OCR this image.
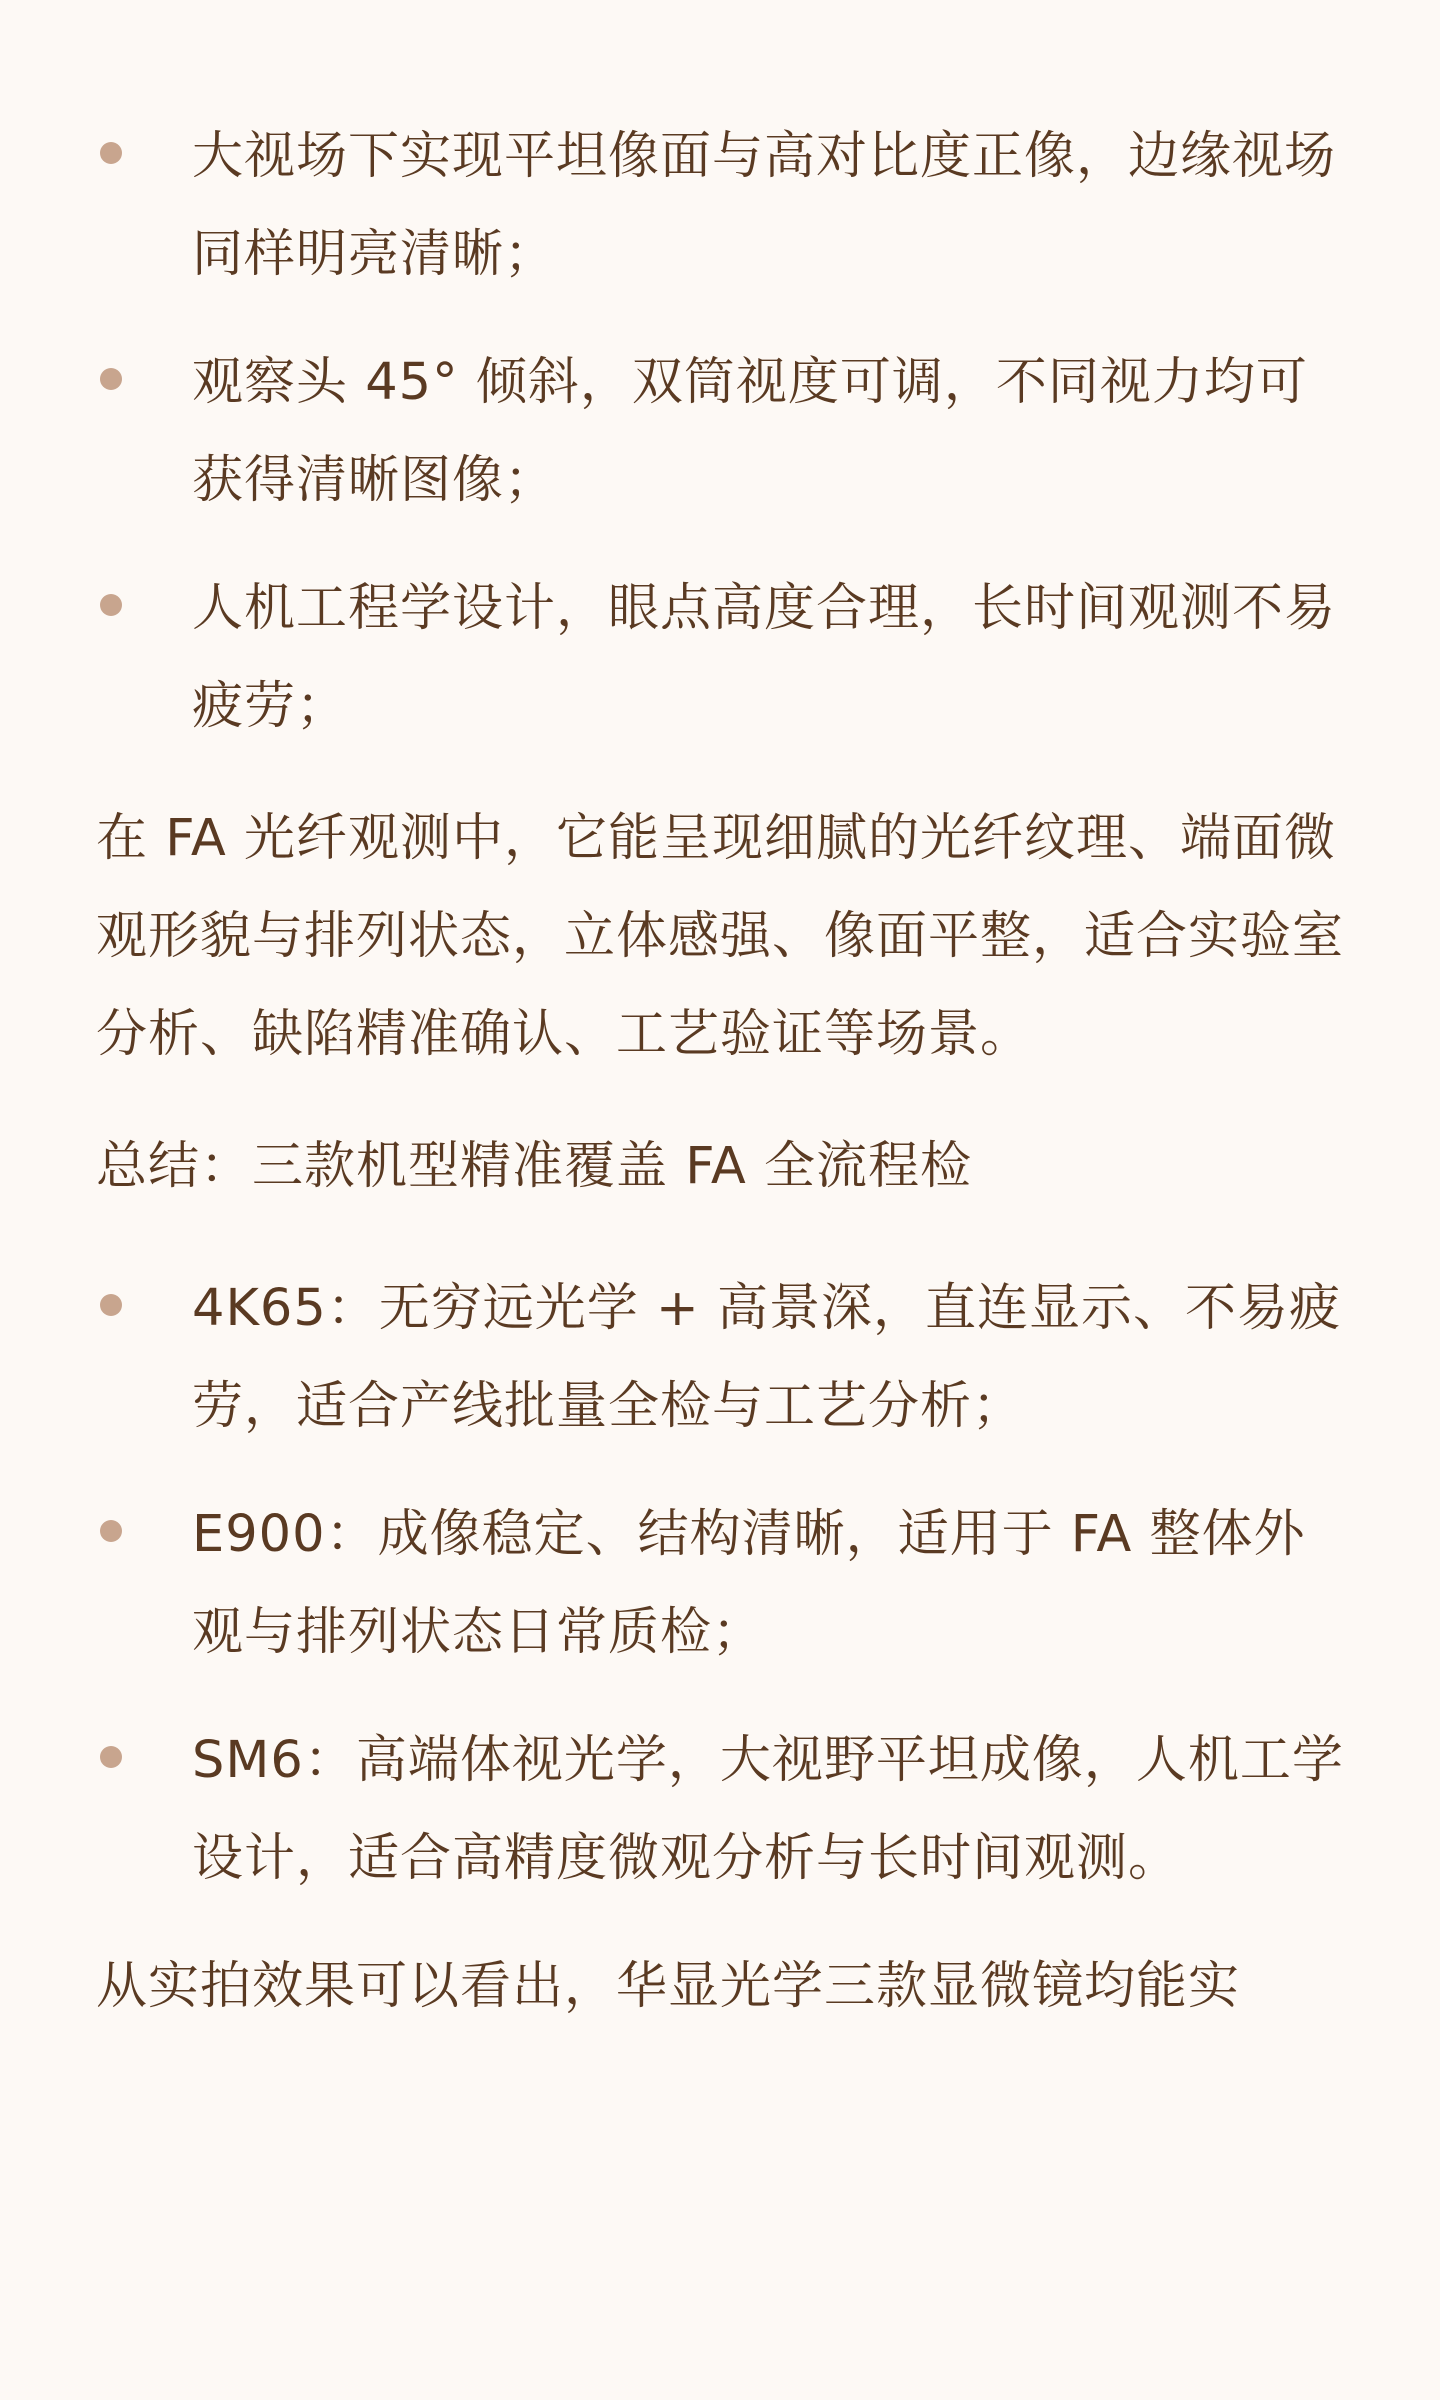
大视场下实现平坦像面与高对比度正像，边缘视场同样明亮清晰；
观察头 45° 倾斜，双筒视度可调，不同视力均可获得清晰图像；
人机工程学设计，眼点高度合理，长时间观测不易疲劳；

在 FA 光纤观测中，它能呈现细腻的光纤纹理、端面微观形貌与排列状态，立体感强、像面平整，适合实验室分析、缺陷精准确认、工艺验证等场景。

总结：三款机型精准覆盖 FA 全流程检

4K65：无穷远光学 + 高景深，直连显示、不易疲劳，适合产线批量全检与工艺分析；
E900：成像稳定、结构清晰，适用于 FA 整体外观与排列状态日常质检；
SM6：高端体视光学，大视野平坦成像，人机工学设计，适合高精度微观分析与长时间观测。

从实拍效果可以看出，华显光学三款显微镜均能实
